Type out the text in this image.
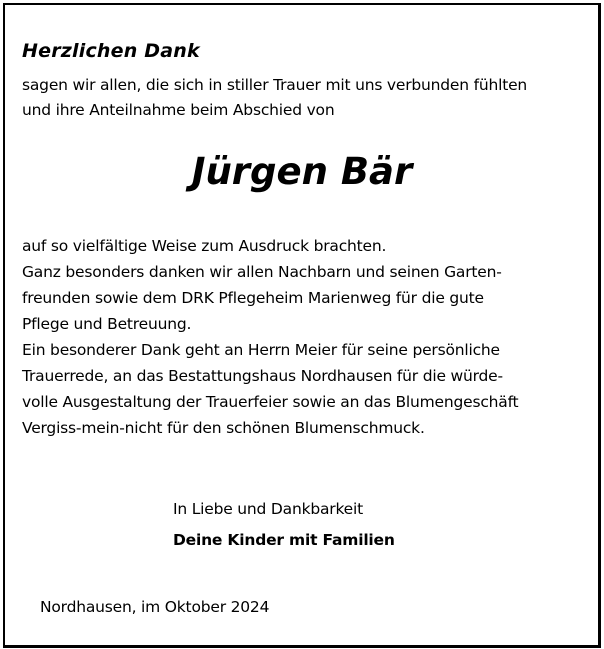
Herzlichen Dank
sagen wir allen, die sich in stiller Trauer mit uns verbunden fühlten
und ihre Anteilnahme beim Abschied von
Jürgen Bär
auf so vielfältige Weise zum Ausdruck brachten.
Ganz besonders danken wir allen Nachbarn und seinen Garten-
freunden sowie dem DRK Pflegeheim Marienweg für die gute
Pflege und Betreuung.
Ein besonderer Dank geht an Herrn Meier für seine persönliche
Trauerrede, an das Bestattungshaus Nordhausen für die würde-
volle Ausgestaltung der Trauerfeier sowie an das Blumengeschäft
Vergiss-mein-nicht für den schönen Blumenschmuck.
In Liebe und Dankbarkeit
Deine Kinder mit Familien
Nordhausen, im Oktober 2024
